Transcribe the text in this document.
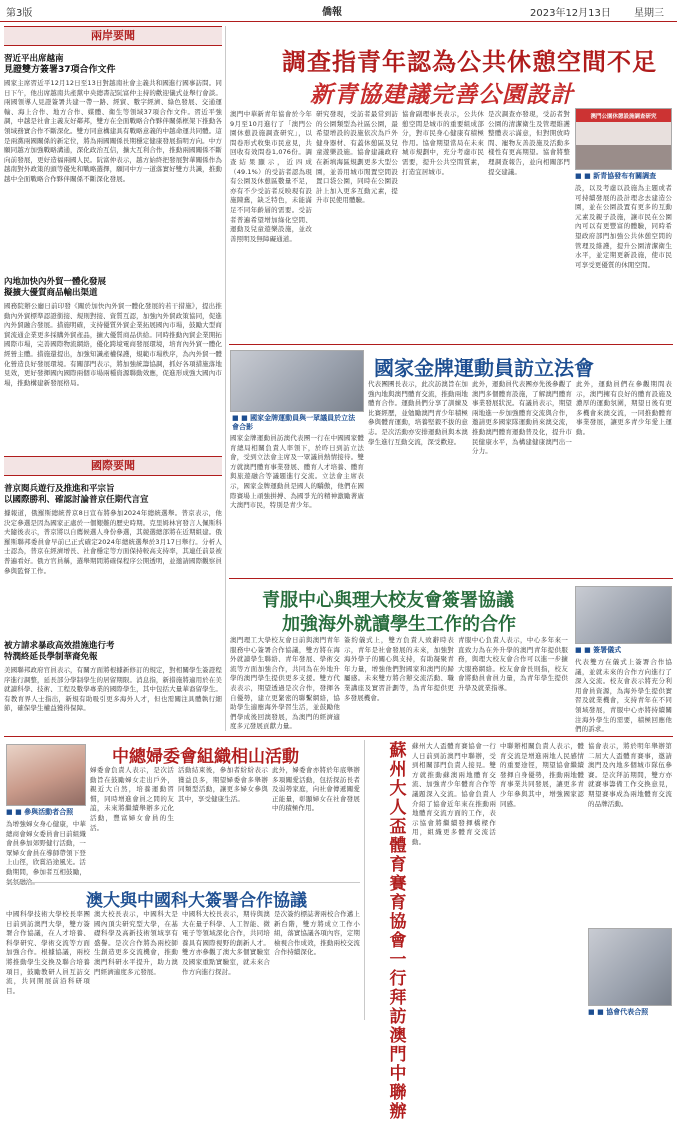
第3版	僑報	2023年12月13日 星期三
兩岸要聞
習近平出席越南
見證雙方簽署37項合作文件
國家主席習近平12月12日至13日對越南社會主義共和國進行國事訪問。同日下午，他出席越南共產黨中央總書記阮富仲主持的歡迎儀式並舉行會談。兩國領導人見證簽署共建一帶一路、經貿、數字經濟、綠色發展、交通運輸、海上合作、地方合作、媒體、衛生等領域37項合作文件。習近平強調，中越是社會主義友好鄰邦，雙方在全面戰略合作夥伴關係框架下推動各領域務實合作不斷深化。雙方同意構建具有戰略意義的中越命運共同體。這是兩黨兩國關係的新定位，將為兩國關係長期穩定健康發展指明方向。中方願同越方加強戰略溝通，深化政治互信，擴大互利合作，推動兩國關係不斷向前發展，更好造福兩國人民。阮富仲表示，越方始終把發展對華關係作為越南對外政策的頭等優先和戰略選擇，願同中方一道落實好雙方共識，推動越中全面戰略合作夥伴關係不斷深化發展。
內地加快內外貿一體化發展
擬擴大優質商品輸出渠道
國務院辦公廳日前印發《關於加快內外貿一體化發展的若干措施》，提出推動內外貿標準認證銜接、規則對接、資質互認，加強內外貿政策協同，促進內外貿融合發展。措施明確，支持優質外貿企業拓展國內市場，鼓勵大型商貿流通企業更多採購外貿產品，擴大優質商品供給。同時推動內貿企業開拓國際市場，完善國際物流網絡，優化跨境電商發展環境，培育內外貿一體化經營主體。措施還提出，加強知識產權保護，規範市場秩序，為內外貿一體化營造良好發展環境。有關部門表示，將加強統籌協調，抓好各項措施落地見效，更好發揮國內國際兩個市場兩種資源聯動效應，促進形成強大國內市場，推動構建新發展格局。
國際要聞
普京閱兵遊行及推進和平宗旨
以國際勝利、確認討論普京任期代言宣
據報道，俄羅斯總統普京8日宣布將參加2024年總統選舉。普京表示，他決定參選是因為國家正處於一個艱難的歷史時期。克里姆林宮發言人佩斯科夫隨後表示，普京將以自薦候選人身份參選，其競選總部將在近期組建。俄羅斯聯邦委員會早前已正式確定2024年總統選舉於3月17日舉行。分析人士認為，普京在經濟增長、社會穩定等方面保持較高支持率，其連任前景被普遍看好。俄方官員稱，選舉期間將確保程序公開透明，並邀請國際觀察員參與監督工作。
被方請求暴政高效措施進行考
特潤終延長學制華裔免報
美國聯邦政府官員表示，有關方面將根據新修訂的規定，對相關學生簽證程序進行調整，延長部分學制學生的居留期限。消息指，新措施將適用於在美就讀科學、技術、工程及數學專業的國際學生，其中包括大量華裔留學生。有教育界人士指出，新規有助吸引更多海外人才，但也需關注具體執行細節，確保學生權益獲得保障。
調查指青年認為公共休憩空間不足
新青協建議完善公園設計
澳門中華新青年協會於今年9月至10月進行了「澳門公園休憩設施調查研究」，以問卷形式收集市民意見，共回收有效問卷1,076份。調查結果顯示，近四成（49.1%）的受訪者認為現有公園及休憩區數量不足，亦有不少受訪者反映現有設施陳舊，缺乏特色，未能滿足不同年齡層的需要。受訪者普遍希望增加綠化空間、運動及兒童遊樂設施，並改善照明及無障礙通道。
研究發現，受訪者最常到訪的公園類型為社區公園，最希望增設的設施依次為戶外健身器材、有蓋休憩區及兒童遊樂設施。協會建議政府在新填海區規劃更多大型公園，並善用城市閒置空間設置口袋公園，同時在公園設計上加入更多互動元素，提升市民使用體驗。
協會副理事長表示，公共休憩空間是城市的重要組成部分，對市民身心健康有積極作用。協會期望當局在未來城市規劃中，充分考慮市民需要，提升公共空間質素，打造宜居城市。
是次調查亦發現，受訪者對公園的清潔衛生及管理維護整體表示滿意，但對開放時間、寵物友善設施及活動多樣性有更高期望。協會將整理調查報告，並向相關部門提交建議。
澳門公園休憩設施調查研究
■ ■ 新青協發布有關調查
設，以及考慮以設施為主題或者可持續發展的設計理念去建造公園，並在公園設置有更多的互動元素及親子設施，讓市民在公園內可以有更豐富的體驗，同時希望政府部門加強公共休憩空間的管理及維護，提升公園清潔衛生水平，並定期更新設施，使市民可享受更優質的休閒空間。
國家金牌運動員訪立法會
■ ■ 國家金牌運動員與一眾議員於立法會合影
國家金牌運動員訪澳代表團一行在中國國家體育總局相關負責人率領下，於昨日到訪立法會，受到立法會主席及一眾議員熱情接待。雙方就澳門體育事業發展、體育人才培養、體育與旅遊融合等議題進行交流。立法會主席表示，國家金牌運動員是國人的驕傲，他們在國際賽場上頑強拼搏、為國爭光的精神激勵著廣大澳門市民，特別是青少年。
代表團團長表示，此次訪澳旨在加強內地與澳門體育交流，推動兩地體育合作。運動員們分享了訓練及比賽經歷，並勉勵澳門青少年積極參與體育運動，培養堅毅不拔的意志。是次活動亦安排運動員與本澳學生進行互動交流，深受歡迎。
此外，運動員代表團亦先後參觀了澳門多個體育設施，了解澳門體育事業發展狀況。有議員表示，期望兩地進一步加強體育交流與合作，邀請更多國家隊運動員來澳交流，推動澳門體育運動普及化，提升市民健康水平，為構建健康澳門出一分力。
此外，運動員們在參觀期間表示，澳門擁有良好的體育設施及濃厚的運動氛圍，期望日後有更多機會來澳交流，一同推動體育事業發展，讓更多青少年愛上運動。
青服中心與理大校友會簽署協議
加強海外就讀學生工作的合作
澳門理工大學校友會日前與澳門青年服務中心簽署合作協議，雙方將在海外就讀學生聯絡、青年發展、學術交流等方面加強合作，共同為在外地升學的澳門學生提供更多支援。雙方代表表示，期望透過是次合作，發揮各自優勢，建立更緊密的聯繫網絡，協助學生適應海外學習生活，並鼓勵他們學成後回澳發展，為澳門的經濟適度多元發展貢獻力量。
簽約儀式上，雙方負責人致辭時表示，青年是社會發展的未來，加強對海外學子的關心與支持，有助凝聚青年力量，增強他們對國家和澳門的歸屬感。未來雙方將合辦交流活動、職業講座及實習計劃等，為青年提供更多發展機會。
青服中心負責人表示，中心多年來一直致力為在外升學的澳門青年提供服務，與理大校友會合作可以進一步擴大服務網絡。校友會會長則指，校友會將動員會員力量，為青年學生提供升學及就業指導。
■ ■ 簽署儀式
代表雙方在儀式上簽署合作協議，並就未來的合作方向進行了深入交流。校友會表示將充分利用會員資源，為海外學生提供實習及就業機會，支持青年在不同領域發展，青服中心亦將持續關注海外學生的需要，積極回應他們的訴求。
中總婦委會組織相山活動
■ ■ 參與活動者合照
為增強婦女身心健康，中華總商會婦女委員會日前組織會員參加郊野健行活動，一眾婦女會員在導師帶領下登上山徑，欣賞沿途風光。活動期間，參加者互相鼓勵，
婦委會負責人表示，是次活動旨在鼓勵婦女走出戶外，親近大自然，培養運動習慣，同時增進會員之間的友誼，未來將繼續舉辦多元化活動，豐富婦女會員的生活。
活動結束後，參加者紛紛表示獲益良多，期望婦委會多舉辦同類型活動，讓更多婦女參與其中，享受健康生活。
此外，婦委會亦將於年底舉辦多項關愛活動，包括探訪長者及弱勢家庭，向社會傳遞關愛正能量，彰顯婦女在社會發展中的積極作用。
澳大與中國科大簽署合作協議
中國科學技術大學校長率團日前到訪澳門大學，雙方簽署合作協議，在人才培養、科學研究、學術交流等方面加強合作。根據協議，兩校將推動學生交換及聯合培養項目，鼓勵教研人員互訪交流，共同開展前沿科研項目。
澳大校長表示，中國科大是國內頂尖研究型大學，在基礎科學及高新技術領域享有盛譽。是次合作將為兩校師生創造更多交流機會，推動澳門科研水平提升，助力澳門經濟適度多元發展。
中國科大校長表示，期待與澳大在量子科學、人工智能、微電子等領域深化合作，共同培養具有國際視野的創新人才。雙方亦參觀了澳大多個實驗室及國家重點實驗室，就未來合作方向進行探討。
是次簽約標誌著兩校合作邁上新台階，雙方將成立工作小組，落實協議各項內容，定期檢視合作成效，推動兩校交流合作持續深化。
蘇州大人盃體育賽育協會一行拜訪澳門中聯辦
蘇州大人盃體育賽協會一行人日前到訪澳門中聯辦，受到相關部門負責人接見。雙方就推動蘇澳兩地體育交流、加強青少年體育合作等議題深入交流。協會負責人介紹了協會近年來在推動兩地體育交流方面的工作，表示協會將繼續發揮橋樑作用，組織更多體育交流活動。
中聯辦相關負責人表示，體育交流是增進兩地人民感情的重要途徑，期望協會繼續發揮自身優勢，推動兩地體育事業共同發展，讓更多青少年參與其中，增強國家認同感。
協會表示，將於明年舉辦第二屆大人盃體育賽事，邀請澳門及內地多個城市隊伍參賽。是次拜訪期間，雙方亦就賽事籌備工作交換意見，期望賽事成為兩地體育交流的品牌活動。
■ ■ 協會代表合照
